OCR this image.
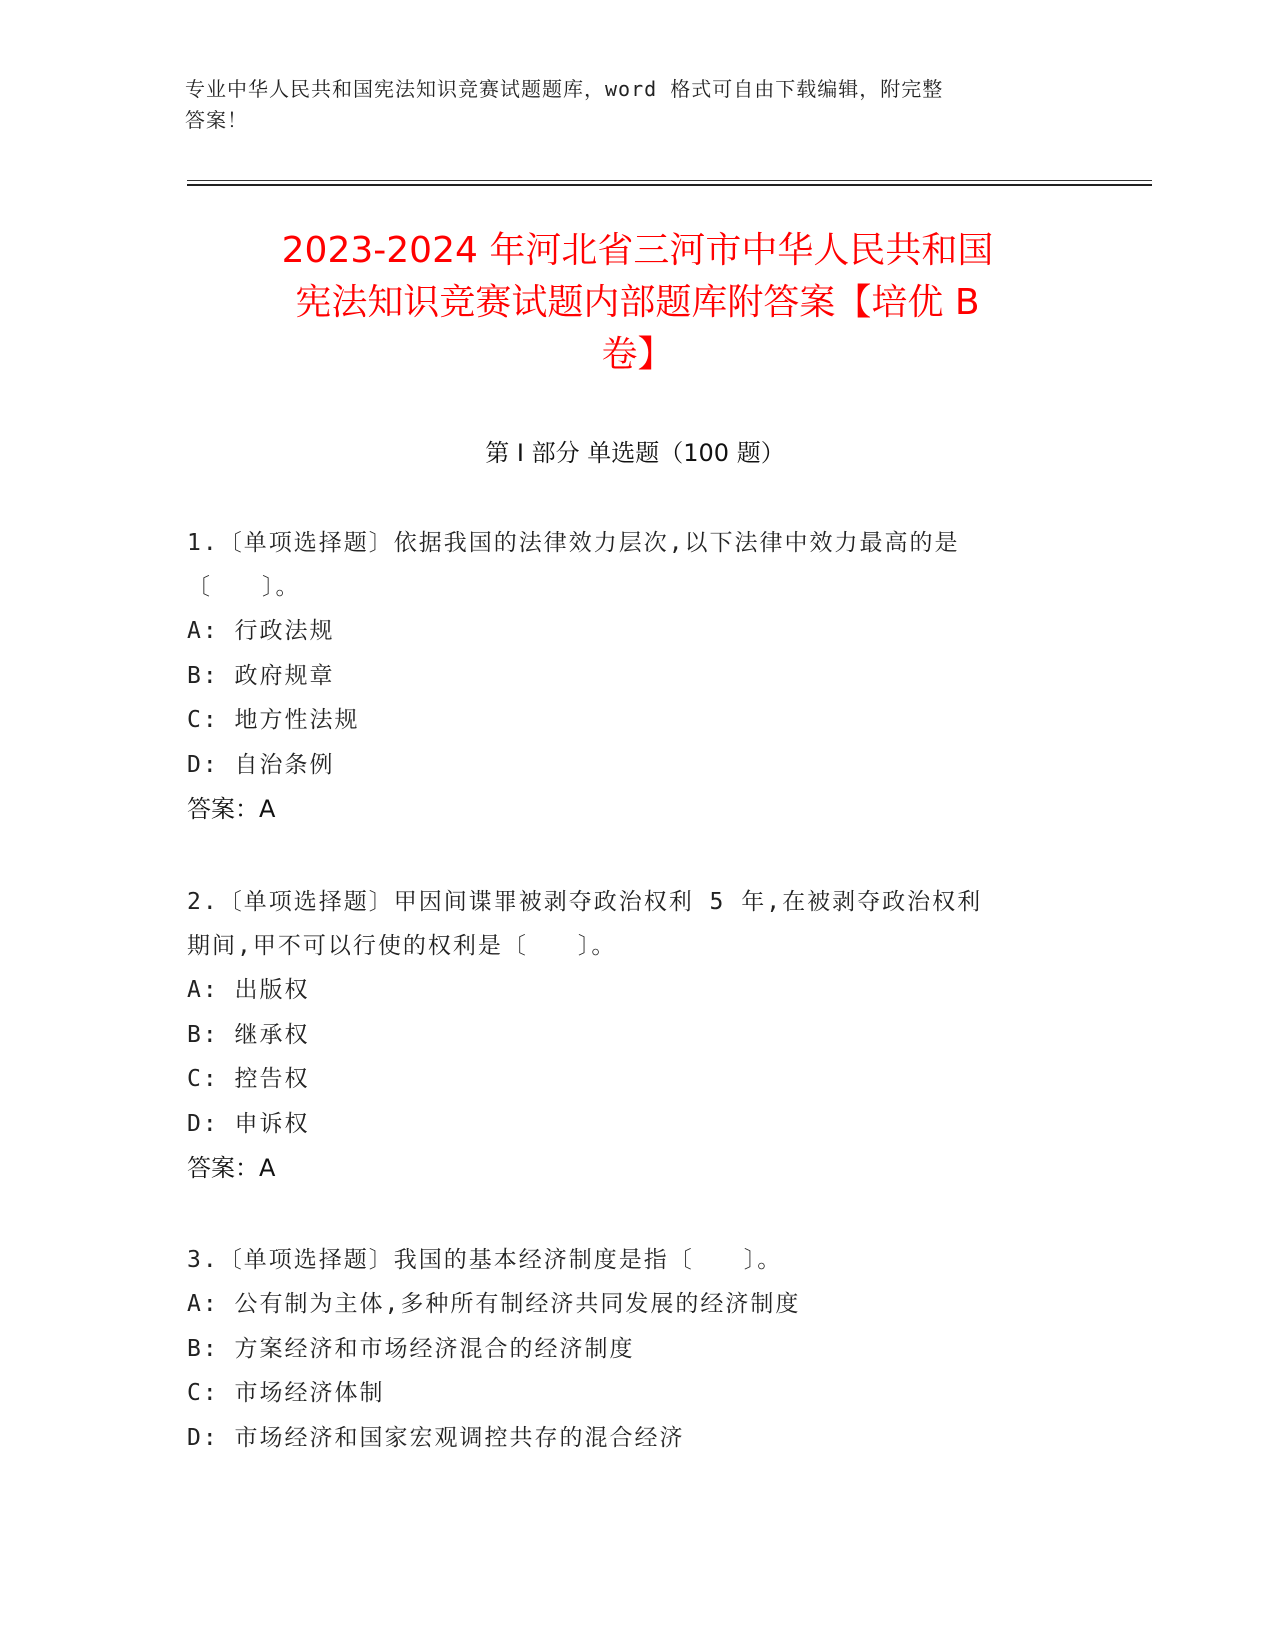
专业中华人民共和国宪法知识竞赛试题题库，word 格式可自由下载编辑，附完整
答案！
2023-2024 年河北省三河市中华人民共和国
宪法知识竞赛试题内部题库附答案【培优 B
卷】
第 I 部分 单选题（100 题）

1.〔单项选择题〕依据我国的法律效力层次,以下法律中效力最高的是

〔　　〕。

A: 行政法规

B: 政府规章

C: 地方性法规

D: 自治条例

答案：A

2.〔单项选择题〕甲因间谍罪被剥夺政治权利 5 年,在被剥夺政治权利

期间,甲不可以行使的权利是〔　　〕。

A: 出版权

B: 继承权

C: 控告权

D: 申诉权

答案：A

3.〔单项选择题〕我国的基本经济制度是指〔　　〕。

A: 公有制为主体,多种所有制经济共同发展的经济制度

B: 方案经济和市场经济混合的经济制度

C: 市场经济体制

D: 市场经济和国家宏观调控共存的混合经济
